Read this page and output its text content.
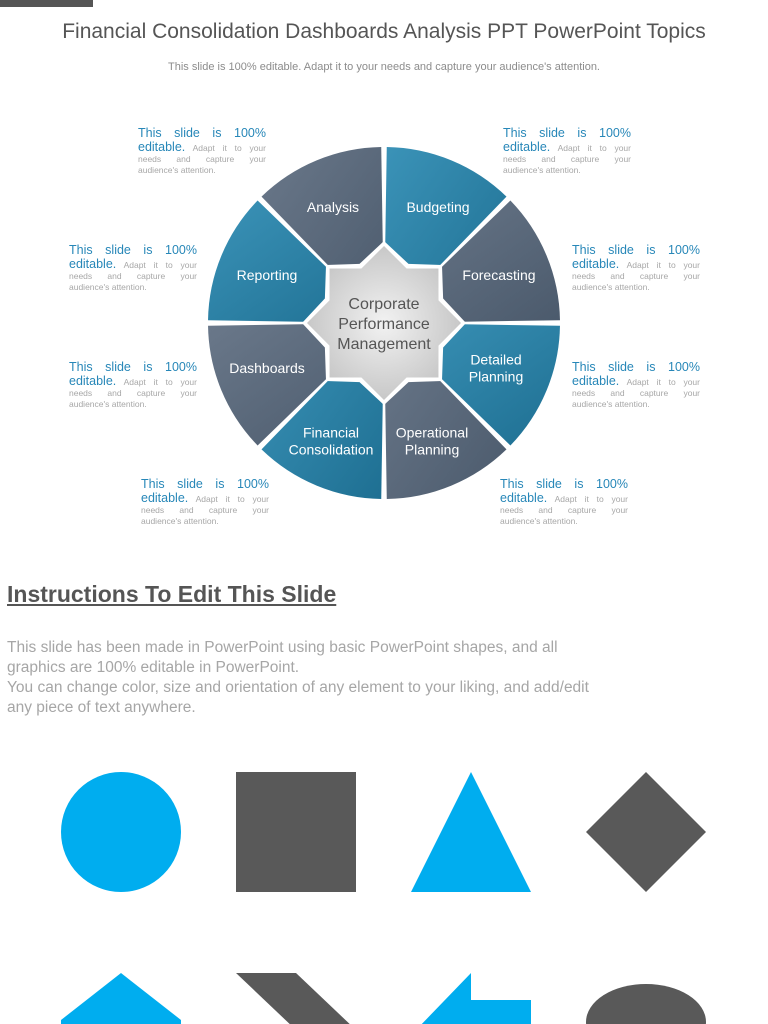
Financial Consolidation Dashboards Analysis PPT PowerPoint Topics
This slide is 100% editable. Adapt it to your needs and capture your audience's attention.
Analysis	Budgeting
Forecasting
Detailed Planning
Operational Planning
Financial Consolidation
Dashboards
Reporting
Corporate Performance Management
This slide is 100%
editable. Adapt it to your needs and capture your audience's attention.
This slide is 100%
editable. Adapt it to your needs and capture your audience's attention.
This slide is 100%
editable. Adapt it to your needs and capture your audience's attention.
This slide is 100%
editable. Adapt it to your needs and capture your audience's attention.
This slide is 100%
editable. Adapt it to your needs and capture your audience's attention.
This slide is 100%
editable. Adapt it to your needs and capture your audience's attention.
This slide is 100%
editable. Adapt it to your needs and capture your audience's attention.
This slide is 100%
editable. Adapt it to your needs and capture your audience's attention.
Instructions To Edit This Slide
This slide has been made in PowerPoint using basic PowerPoint shapes, and all
graphics are 100% editable in PowerPoint.
You can change color, size and orientation of any element to your liking, and add/edit
any piece of text anywhere.
